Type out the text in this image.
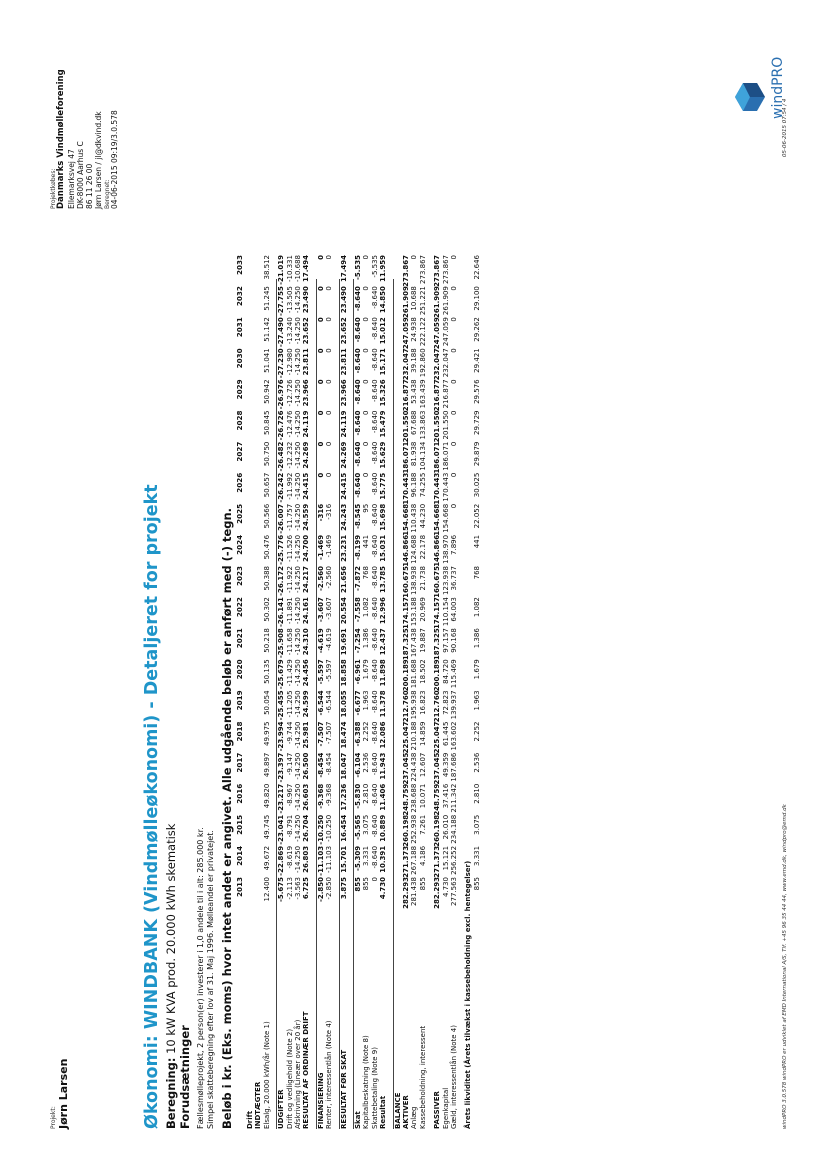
Projekt: Jørn Larsen
Projektkøbes: Danmarks Vindmølleforening Ellemarksvej 47 DK-8000 Aarhus C 86 11 26 00 Jørn Larsen / jl@dkvind.dk Beregnet: 04-06-2015 09:19/3.0.578
Økonomi: WINDBANK (Vindmølleøkonomi) - Detaljeret for projekt Beregning: 10 kW KVA prod. 20.000 kWh skematisk
Forudsætninger Fællesmølleprojekt, 2 person(er) investerer i 1,0 andele til i alt: 285.000 kr. Simpel skatteberegning efter lov af 31. Maj 1996. Mølleandel er privatejet. Beløb i kr. (Eks. moms) hvor intet andet er angivet. Alle udgående beløb er anført med (-) tegn. 2013
2014
2015
2016
2017
2018
2019
2020
2021
2022
2023
2024
2025
2026
2027
2028
2029
2030
2031
2032
2033
Drift INDTÆGTER Elsalg, 20.000 kWh/år (Note 1)
12.400
49.672
49.745
49.820
49.897
49.975
50.054
50.135
50.218
50.302
50.388
50.476
50.566
50.657
50.750
50.845
50.942
51.041
51.142
51.245
38.512
UDGIFTER
-5.675
-22.869
-23.041
-23.217
-23.397
-23.994
-25.455
-25.679
-25.908
-26.141
-26.172
-25.776
-26.007
-26.242
-26.482
-26.726
-26.976
-27.230
-27.490
-27.755
-21.019
Drift og vedligehold (Note 2)
-2.113
-8.619
-8.791
-8.967
-9.147
-9.744
-11.205
-11.429
-11.658
-11.891
-11.922
-11.526
-11.757
-11.992
-12.232
-12.476
-12.726
-12.980
-13.240
-13.505
-10.331
Afskrivning (Lineær over 20 år)
-3.563
-14.250
-14.250
-14.250
-14.250
-14.250
-14.250
-14.250
-14.250
-14.250
-14.250
-14.250
-14.250
-14.250
-14.250
-14.250
-14.250
-14.250
-14.250
-14.250
-10.688
RESULTAT AF ORDINÆR DRIFT
6.725
26.803
26.704
26.603
26.500
25.981
24.599
24.456
24.310
24.161
24.217
24.700
24.559
24.415
24.269
24.119
23.966
23.811
23.652
23.490
17.494
FINANSIERING
-2.850
-11.103
-10.250
-9.368
-8.454
-7.507
-6.544
-5.597
-4.619
-3.607
-2.560
-1.469
-316
0
0
0
0
0
0
0
0
Renter, interessentlån (Note 4)
-2.850
-11.103
-10.250
-9.368
-8.454
-7.507
-6.544
-5.597
-4.619
-3.607
-2.560
-1.469
-316
0
0
0
0
0
0
0
0
RESULTAT FØR SKAT
3.875
15.701
16.454
17.236
18.047
18.474
18.055
18.858
19.691
20.554
21.656
23.231
24.243
24.415
24.269
24.119
23.966
23.811
23.652
23.490
17.494
Skat
855
-5.309
-5.565
-5.830
-6.104
-6.388
-6.677
-6.961
-7.254
-7.558
-7.872
-8.199
-8.545
-8.640
-8.640
-8.640
-8.640
-8.640
-8.640
-8.640
-5.535
Kapitalbeskatning (Note 8)
855
3.331
3.075
2.810
2.536
2.252
1.963
1.679
1.386
1.082
768
441
95
0
0
0
0
0
0
0
0
Skattebetaling (Note 9)
0
-8.640
-8.640
-8.640
-8.640
-8.640
-8.640
-8.640
-8.640
-8.640
-8.640
-8.640
-8.640
-8.640
-8.640
-8.640
-8.640
-8.640
-8.640
-8.640
-5.535
Resultat
4.730
10.391
10.889
11.406
11.943
12.086
11.378
11.898
12.437
12.996
13.785
15.031
15.698
15.775
15.629
15.479
15.326
15.171
15.012
14.850
11.959
BALANCE AKTIVER
282.293
271.373
260.198
248.759
237.045
225.047
212.760
200.189
187.325
174.157
160.675
146.866
154.668
170.443
186.071
201.550
216.877
232.047
247.059
261.909
273.867
Anlæg
281.438
267.188
252.938
238.688
224.438
210.188
195.938
181.688
167.438
153.188
138.938
124.688
110.438
96.188
81.938
67.688
53.438
39.188
24.938
10.688
0
Kassebeholdning, interessent
855
4.186
7.261
10.071
12.607
14.859
16.823
18.502
19.887
20.969
21.738
22.178
44.230
74.255
104.134
133.863
163.439
192.860
222.122
251.221
273.867
PASSIVER
282.293
271.373
260.198
248.759
237.045
225.047
212.760
200.189
187.325
174.157
160.675
146.866
154.668
170.443
186.071
201.550
216.877
232.047
247.059
261.909
273.867
Egenkapital
4.730
15.121
26.010
37.416
49.359
61.445
72.823
84.720
97.157
110.154
123.938
138.970
154.668
170.443
186.071
201.550
216.877
232.047
247.059
261.909
273.867
Gæld, interessentlån (Note 4)
277.563
256.252
234.188
211.342
187.686
163.602
139.937
115.469
90.168
64.003
36.737
7.896
0
0
0
0
0
0
0
0
0
Årets likviditet (Årets tilvækst i kassebeholdning excl. hentegelser) 855
3.331
3.075
2.810
2.536
2.252
1.963
1.679
1.386
1.082
768
441
22.052
30.025
29.879
29.729
29.576
29.421
29.262
29.100
22.646
windPRO 3.0.578 windPRO er udviklet af EMD International A/S, Tlf. +45 96 35 44 44, www.emd.dk, windpro@emd.dk
05-06-2015 07:54 / 4
windPRO
